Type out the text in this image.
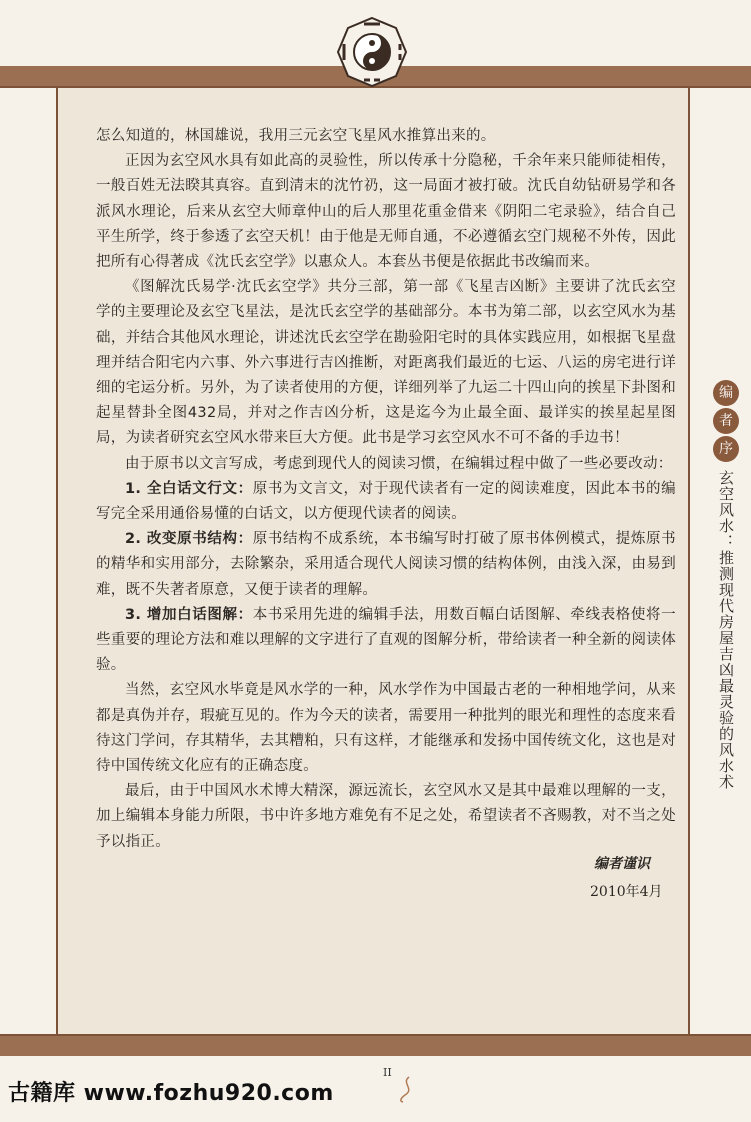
怎么知道的，林国雄说，我用三元玄空飞星风水推算出来的。

正因为玄空风水具有如此高的灵验性，所以传承十分隐秘，千余年来只能师徒相传，一般百姓无法睽其真容。直到清末的沈竹礽，这一局面才被打破。沈氏自幼钻研易学和各派风水理论，后来从玄空大师章仲山的后人那里花重金借来《阴阳二宅录验》，结合自己平生所学，终于参透了玄空天机！由于他是无师自通，不必遵循玄空门规秘不外传，因此把所有心得著成《沈氏玄空学》以惠众人。本套丛书便是依据此书改编而来。

《图解沈氏易学·沈氏玄空学》共分三部，第一部《飞星吉凶断》主要讲了沈氏玄空学的主要理论及玄空飞星法，是沈氏玄空学的基础部分。本书为第二部，以玄空风水为基础，并结合其他风水理论，讲述沈氏玄空学在勘验阳宅时的具体实践应用，如根据飞星盘理并结合阳宅内六事、外六事进行吉凶推断，对距离我们最近的七运、八运的房宅进行详细的宅运分析。另外，为了读者使用的方便，详细列举了九运二十四山向的挨星下卦图和起星替卦全图432局，并对之作吉凶分析，这是迄今为止最全面、最详实的挨星起星图局，为读者研究玄空风水带来巨大方便。此书是学习玄空风水不可不备的手边书！

由于原书以文言写成，考虑到现代人的阅读习惯，在编辑过程中做了一些必要改动：

1. 全白话文行文：原书为文言文，对于现代读者有一定的阅读难度，因此本书的编写完全采用通俗易懂的白话文，以方便现代读者的阅读。

2. 改变原书结构：原书结构不成系统，本书编写时打破了原书体例模式，提炼原书的精华和实用部分，去除繁杂，采用适合现代人阅读习惯的结构体例，由浅入深，由易到难，既不失著者原意，又便于读者的理解。

3. 增加白话图解：本书采用先进的编辑手法，用数百幅白话图解、牵线表格使将一些重要的理论方法和难以理解的文字进行了直观的图解分析，带给读者一种全新的阅读体验。

当然，玄空风水毕竟是风水学的一种，风水学作为中国最古老的一种相地学问，从来都是真伪并存，瑕疵互见的。作为今天的读者，需要用一种批判的眼光和理性的态度来看待这门学问，存其精华，去其糟粕，只有这样，才能继承和发扬中国传统文化，这也是对待中国传统文化应有的正确态度。

最后，由于中国风水术博大精深，源远流长，玄空风水又是其中最难以理解的一支，加上编辑本身能力所限，书中许多地方难免有不足之处，希望读者不吝赐教，对不当之处予以指正。

编者谨识
2010年4月
编
者
序
玄空风水：推测现代房屋吉凶最灵验的风水术
古籍库 www.fozhu920.com
II
